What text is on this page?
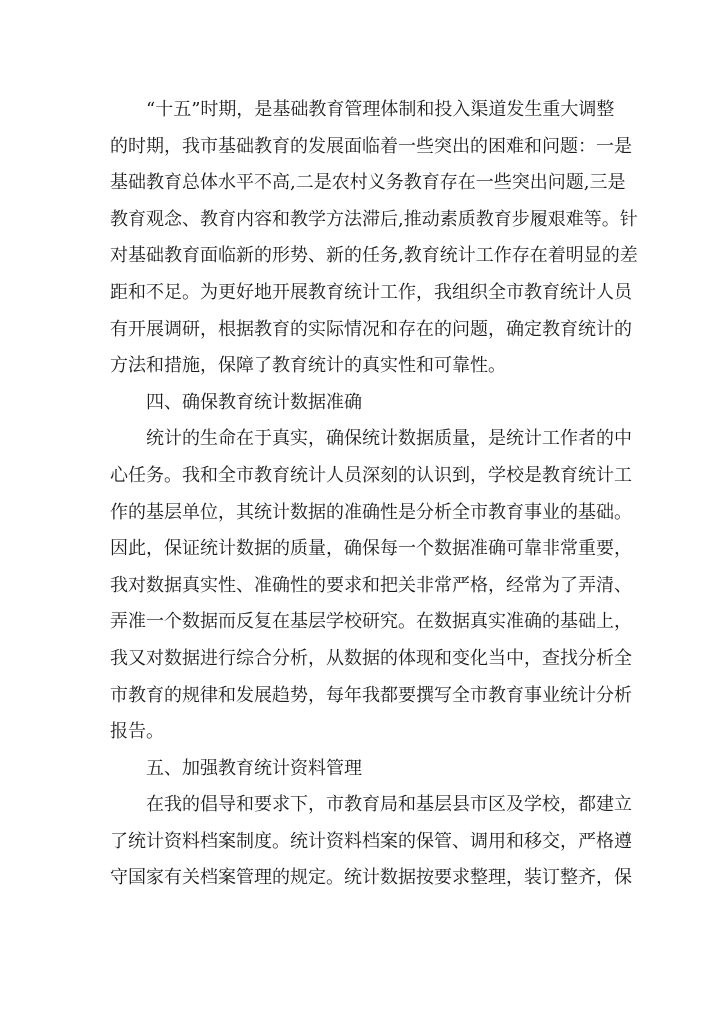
“十五”时期，是基础教育管理体制和投入渠道发生重大调整
的时期，我市基础教育的发展面临着一些突出的困难和问题：一是
基础教育总体水平不高,二是农村义务教育存在一些突出问题,三是
教育观念、教育内容和教学方法滞后,推动素质教育步履艰难等。针
对基础教育面临新的形势、新的任务,教育统计工作存在着明显的差
距和不足。为更好地开展教育统计工作，我组织全市教育统计人员
有开展调研，根据教育的实际情况和存在的问题，确定教育统计的
方法和措施，保障了教育统计的真实性和可靠性。
四、确保教育统计数据准确
统计的生命在于真实，确保统计数据质量，是统计工作者的中
心任务。我和全市教育统计人员深刻的认识到，学校是教育统计工
作的基层单位，其统计数据的准确性是分析全市教育事业的基础。
因此，保证统计数据的质量，确保每一个数据准确可靠非常重要，
我对数据真实性、准确性的要求和把关非常严格，经常为了弄清、
弄准一个数据而反复在基层学校研究。在数据真实准确的基础上，
我又对数据进行综合分析，从数据的体现和变化当中，查找分析全
市教育的规律和发展趋势，每年我都要撰写全市教育事业统计分析
报告。
五、加强教育统计资料管理
在我的倡导和要求下，市教育局和基层县市区及学校，都建立
了统计资料档案制度。统计资料档案的保管、调用和移交，严格遵
守国家有关档案管理的规定。统计数据按要求整理，装订整齐，保
